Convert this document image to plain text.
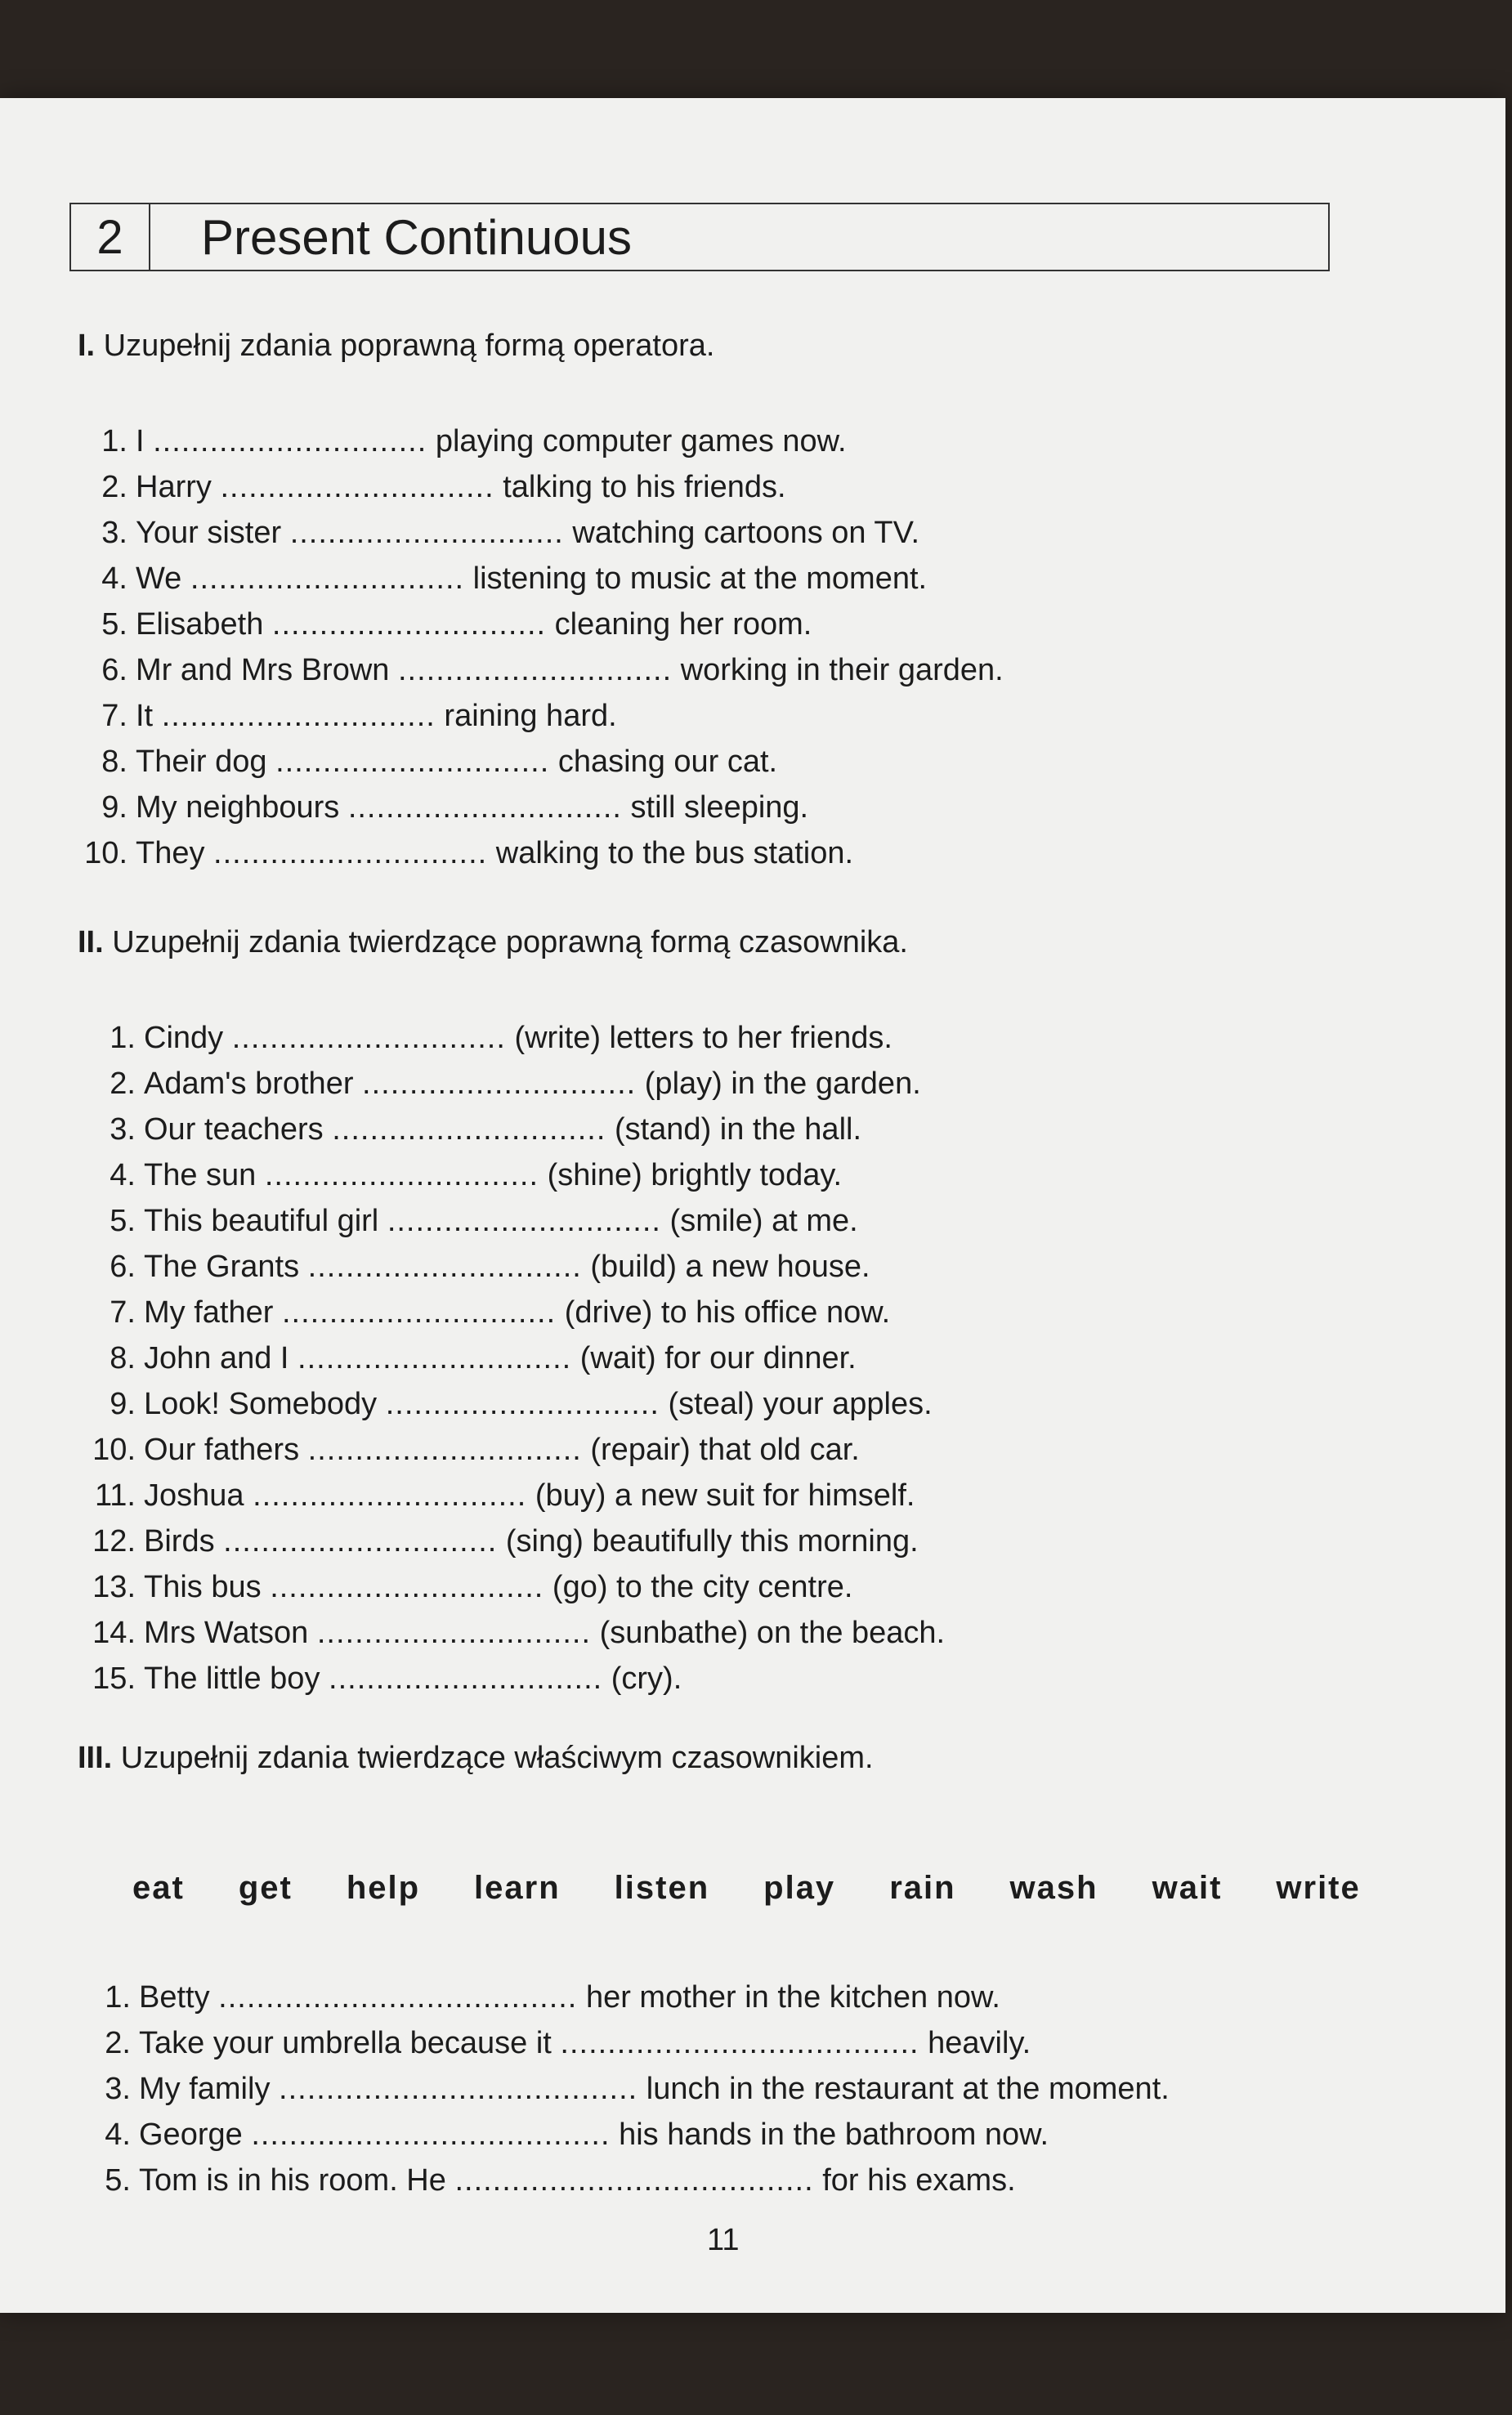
2	Present Continuous
I. Uzupełnij zdania poprawną formą operatora.
1. I ............................. playing computer games now.
2. Harry ............................. talking to his friends.
3. Your sister ............................. watching cartoons on TV.
4. We ............................. listening to music at the moment.
5. Elisabeth ............................. cleaning her room.
6. Mr and Mrs Brown ............................. working in their garden.
7. It ............................. raining hard.
8. Their dog ............................. chasing our cat.
9. My neighbours ............................. still sleeping.
10. They ............................. walking to the bus station.
II. Uzupełnij zdania twierdzące poprawną formą czasownika.
1. Cindy ............................. (write) letters to her friends.
2. Adam's brother ............................. (play) in the garden.
3. Our teachers ............................. (stand) in the hall.
4. The sun ............................. (shine) brightly today.
5. This beautiful girl ............................. (smile) at me.
6. The Grants ............................. (build) a new house.
7. My father ............................. (drive) to his office now.
8. John and I ............................. (wait) for our dinner.
9. Look! Somebody ............................. (steal) your apples.
10. Our fathers ............................. (repair) that old car.
11. Joshua ............................. (buy) a new suit for himself.
12. Birds ............................. (sing) beautifully this morning.
13. This bus ............................. (go) to the city centre.
14. Mrs Watson ............................. (sunbathe) on the beach.
15. The little boy ............................. (cry).
III. Uzupełnij zdania twierdzące właściwym czasownikiem.
eat get help learn listen play rain wash wait write
1. Betty ...................................... her mother in the kitchen now.
2. Take your umbrella because it ...................................... heavily.
3. My family ...................................... lunch in the restaurant at the moment.
4. George ...................................... his hands in the bathroom now.
5. Tom is in his room. He ...................................... for his exams.
11
